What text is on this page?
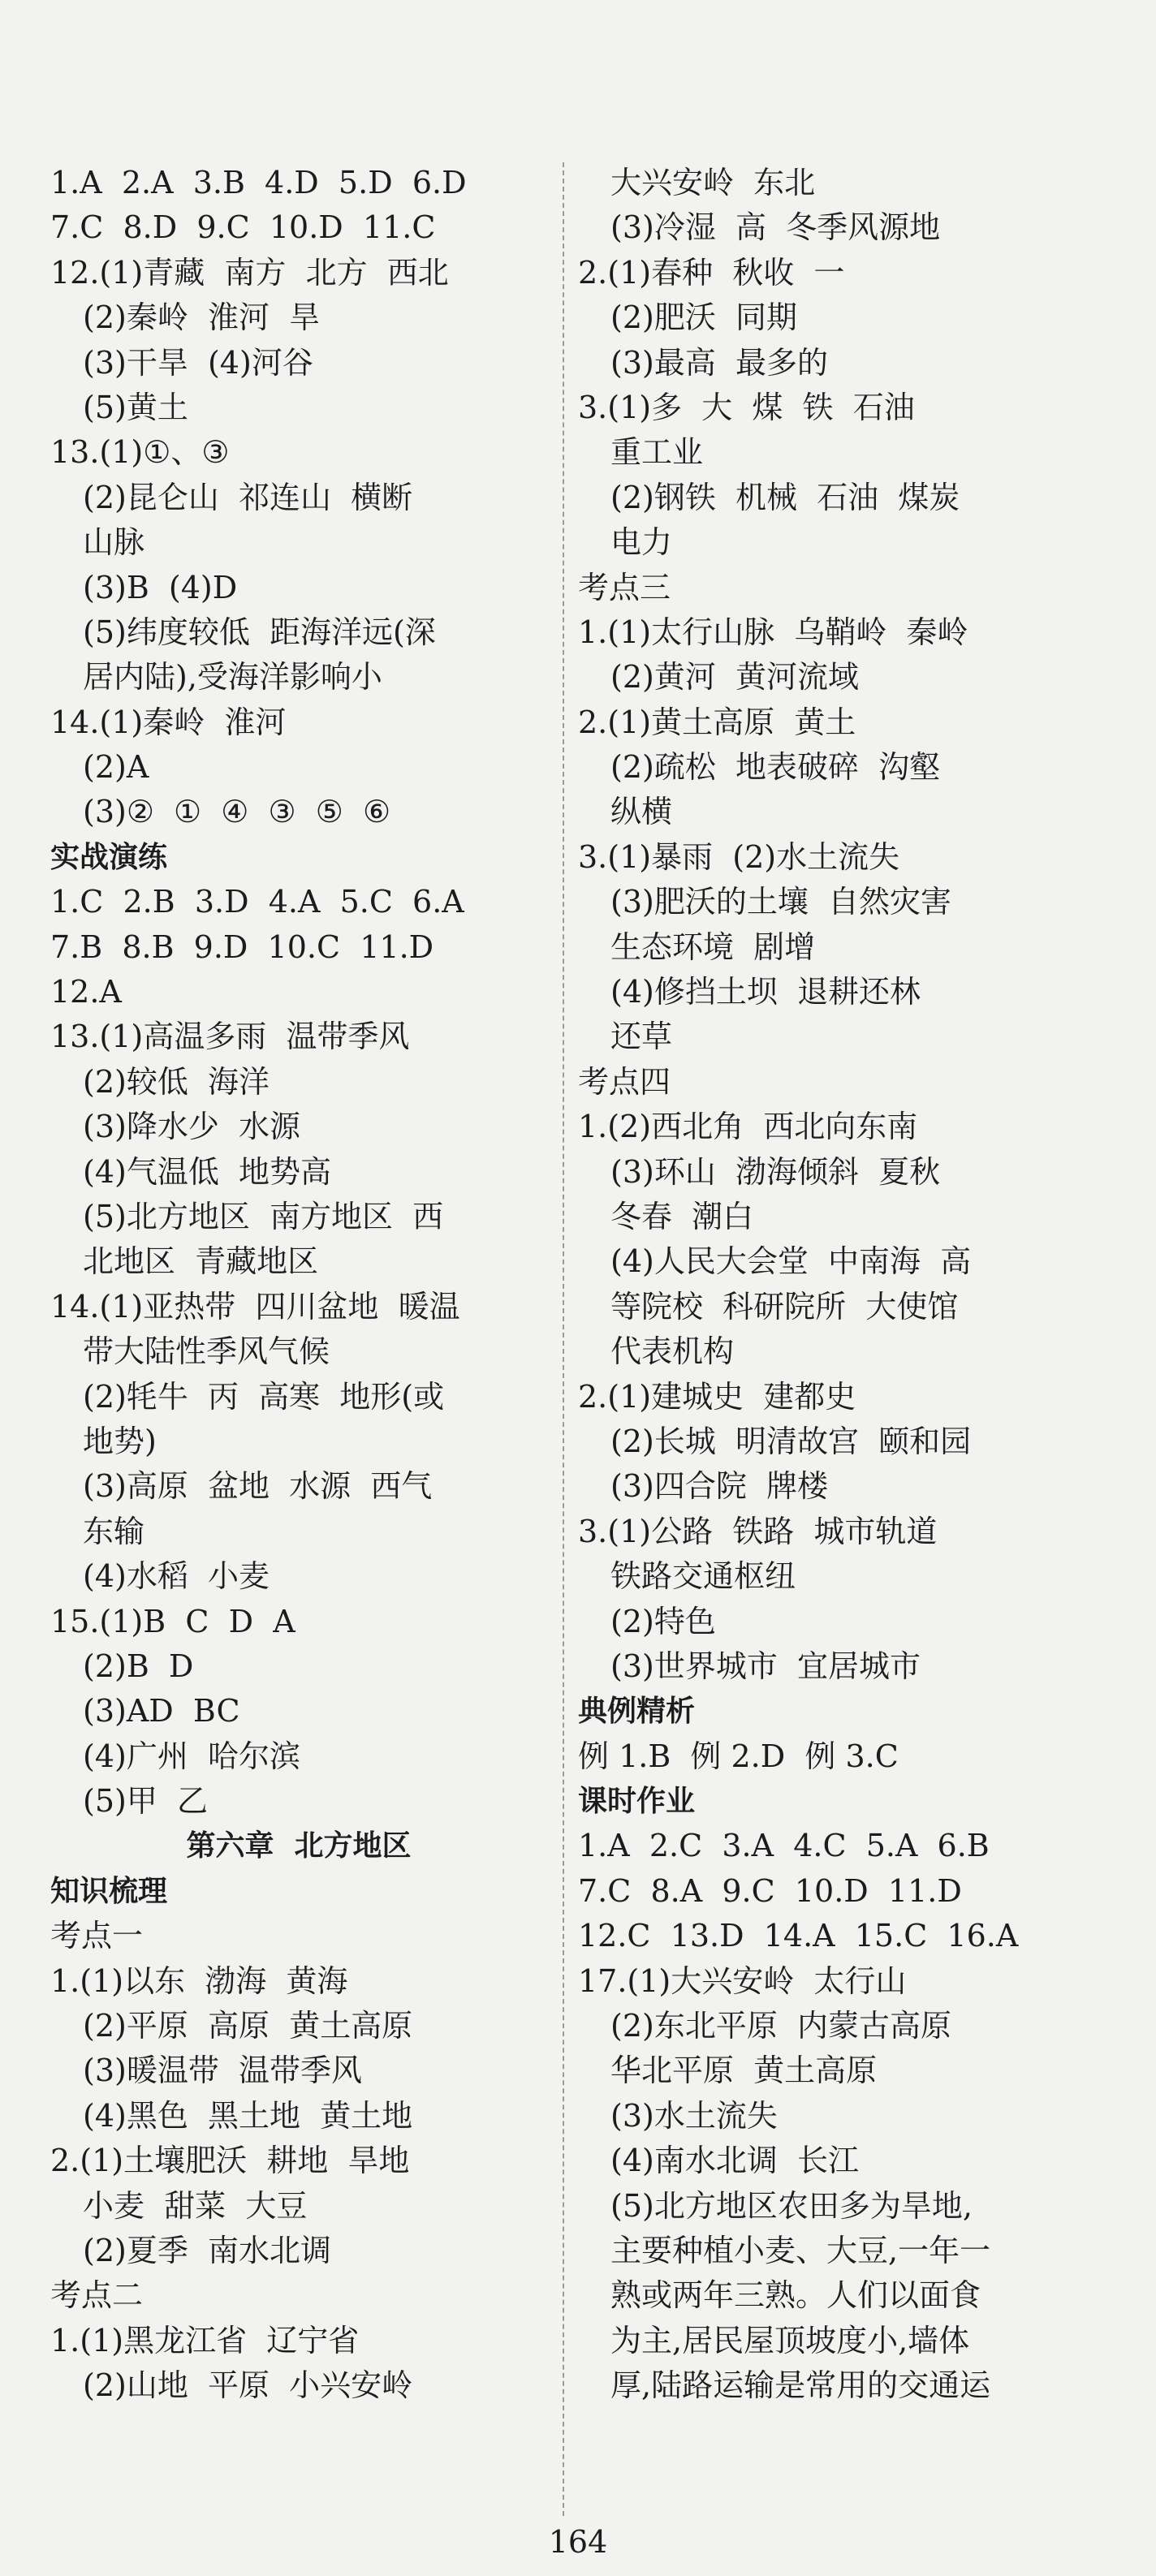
1.A  2.A  3.B  4.D  5.D  6.D
7.C  8.D  9.C  10.D  11.C
12.(1)青藏  南方  北方  西北
(2)秦岭  淮河  旱
(3)干旱  (4)河谷
(5)黄土
13.(1)①、③
(2)昆仑山  祁连山  横断
山脉
(3)B  (4)D
(5)纬度较低  距海洋远(深
居内陆),受海洋影响小
14.(1)秦岭  淮河
(2)A
(3)②  ①  ④  ③  ⑤  ⑥
实战演练
1.C  2.B  3.D  4.A  5.C  6.A
7.B  8.B  9.D  10.C  11.D
12.A
13.(1)高温多雨  温带季风
(2)较低  海洋
(3)降水少  水源
(4)气温低  地势高
(5)北方地区  南方地区  西
北地区  青藏地区
14.(1)亚热带  四川盆地  暖温
带大陆性季风气候
(2)牦牛  丙  高寒  地形(或
地势)
(3)高原  盆地  水源  西气
东输
(4)水稻  小麦
15.(1)B  C  D  A
(2)B  D
(3)AD  BC
(4)广州  哈尔滨
(5)甲  乙
第六章  北方地区
知识梳理
考点一
1.(1)以东  渤海  黄海
(2)平原  高原  黄土高原
(3)暖温带  温带季风
(4)黑色  黑土地  黄土地
2.(1)土壤肥沃  耕地  旱地
小麦  甜菜  大豆
(2)夏季  南水北调
考点二
1.(1)黑龙江省  辽宁省
(2)山地  平原  小兴安岭
大兴安岭  东北
(3)冷湿  高  冬季风源地
2.(1)春种  秋收  一
(2)肥沃  同期
(3)最高  最多的
3.(1)多  大  煤  铁  石油
重工业
(2)钢铁  机械  石油  煤炭
电力
考点三
1.(1)太行山脉  乌鞘岭  秦岭
(2)黄河  黄河流域
2.(1)黄土高原  黄土
(2)疏松  地表破碎  沟壑
纵横
3.(1)暴雨  (2)水土流失
(3)肥沃的土壤  自然灾害
生态环境  剧增
(4)修挡土坝  退耕还林
还草
考点四
1.(2)西北角  西北向东南
(3)环山  渤海倾斜  夏秋
冬春  潮白
(4)人民大会堂  中南海  高
等院校  科研院所  大使馆
代表机构
2.(1)建城史  建都史
(2)长城  明清故宫  颐和园
(3)四合院  牌楼
3.(1)公路  铁路  城市轨道
铁路交通枢纽
(2)特色
(3)世界城市  宜居城市
典例精析
例 1.B  例 2.D  例 3.C
课时作业
1.A  2.C  3.A  4.C  5.A  6.B
7.C  8.A  9.C  10.D  11.D
12.C  13.D  14.A  15.C  16.A
17.(1)大兴安岭  太行山
(2)东北平原  内蒙古高原
华北平原  黄土高原
(3)水土流失
(4)南水北调  长江
(5)北方地区农田多为旱地,
主要种植小麦、大豆,一年一
熟或两年三熟。人们以面食
为主,居民屋顶坡度小,墙体
厚,陆路运输是常用的交通运
164
